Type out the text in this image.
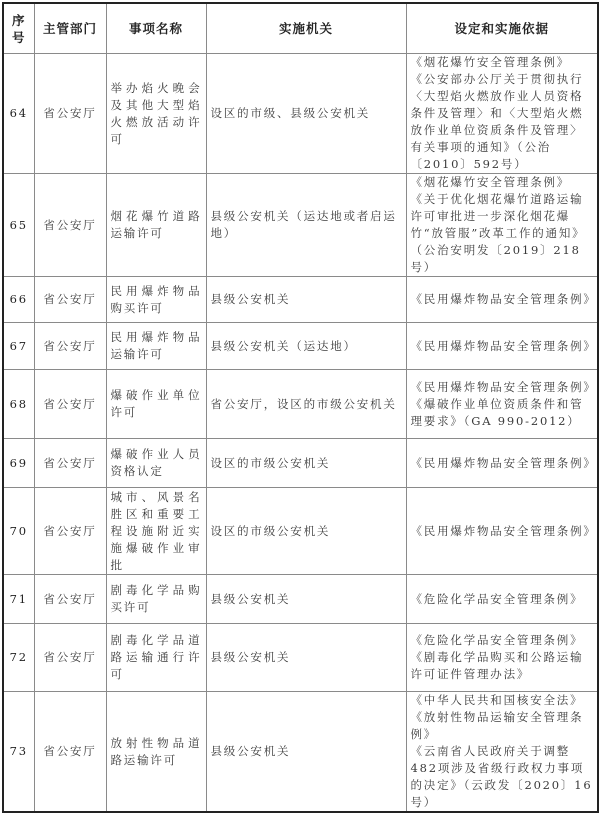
序
号	主管部门	事项名称	实施机关	设定和实施依据
64	省公安厅	举办焰火晚会及其他大型焰火燃放活动许可	设区的市级、县级公安机关	《烟花爆竹安全管理条例》
《公安部办公厅关于贯彻执行〈大型焰火燃放作业人员资格条件及管理〉和〈大型焰火燃放作业单位资质条件及管理〉有关事项的通知》（公治〔2010〕592号）

65	省公安厅	烟花爆竹道路运输许可	县级公安机关（运达地或者启运地）	《烟花爆竹安全管理条例》
《关于优化烟花爆竹道路运输许可审批进一步深化烟花爆竹“放管服”改革工作的通知》（公治安明发〔2019〕218号）

66	省公安厅	民用爆炸物品购买许可	县级公安机关	《民用爆炸物品安全管理条例》

67	省公安厅	民用爆炸物品运输许可	县级公安机关（运达地）	《民用爆炸物品安全管理条例》

68	省公安厅	爆破作业单位许可	省公安厅，设区的市级公安机关	《民用爆炸物品安全管理条例》
《爆破作业单位资质条件和管理要求》（GA 990-2012）

69	省公安厅	爆破作业人员资格认定	设区的市级公安机关	《民用爆炸物品安全管理条例》

70	省公安厅	城市、风景名胜区和重要工程设施附近实施爆破作业审批	设区的市级公安机关	《民用爆炸物品安全管理条例》

71	省公安厅	剧毒化学品购买许可	县级公安机关	《危险化学品安全管理条例》

72	省公安厅	剧毒化学品道路运输通行许可	县级公安机关	《危险化学品安全管理条例》
《剧毒化学品购买和公路运输许可证件管理办法》

73	省公安厅	放射性物品道路运输许可	县级公安机关	《中华人民共和国核安全法》
《放射性物品运输安全管理条例》
《云南省人民政府关于调整482项涉及省级行政权力事项的决定》（云政发〔2020〕16号）
